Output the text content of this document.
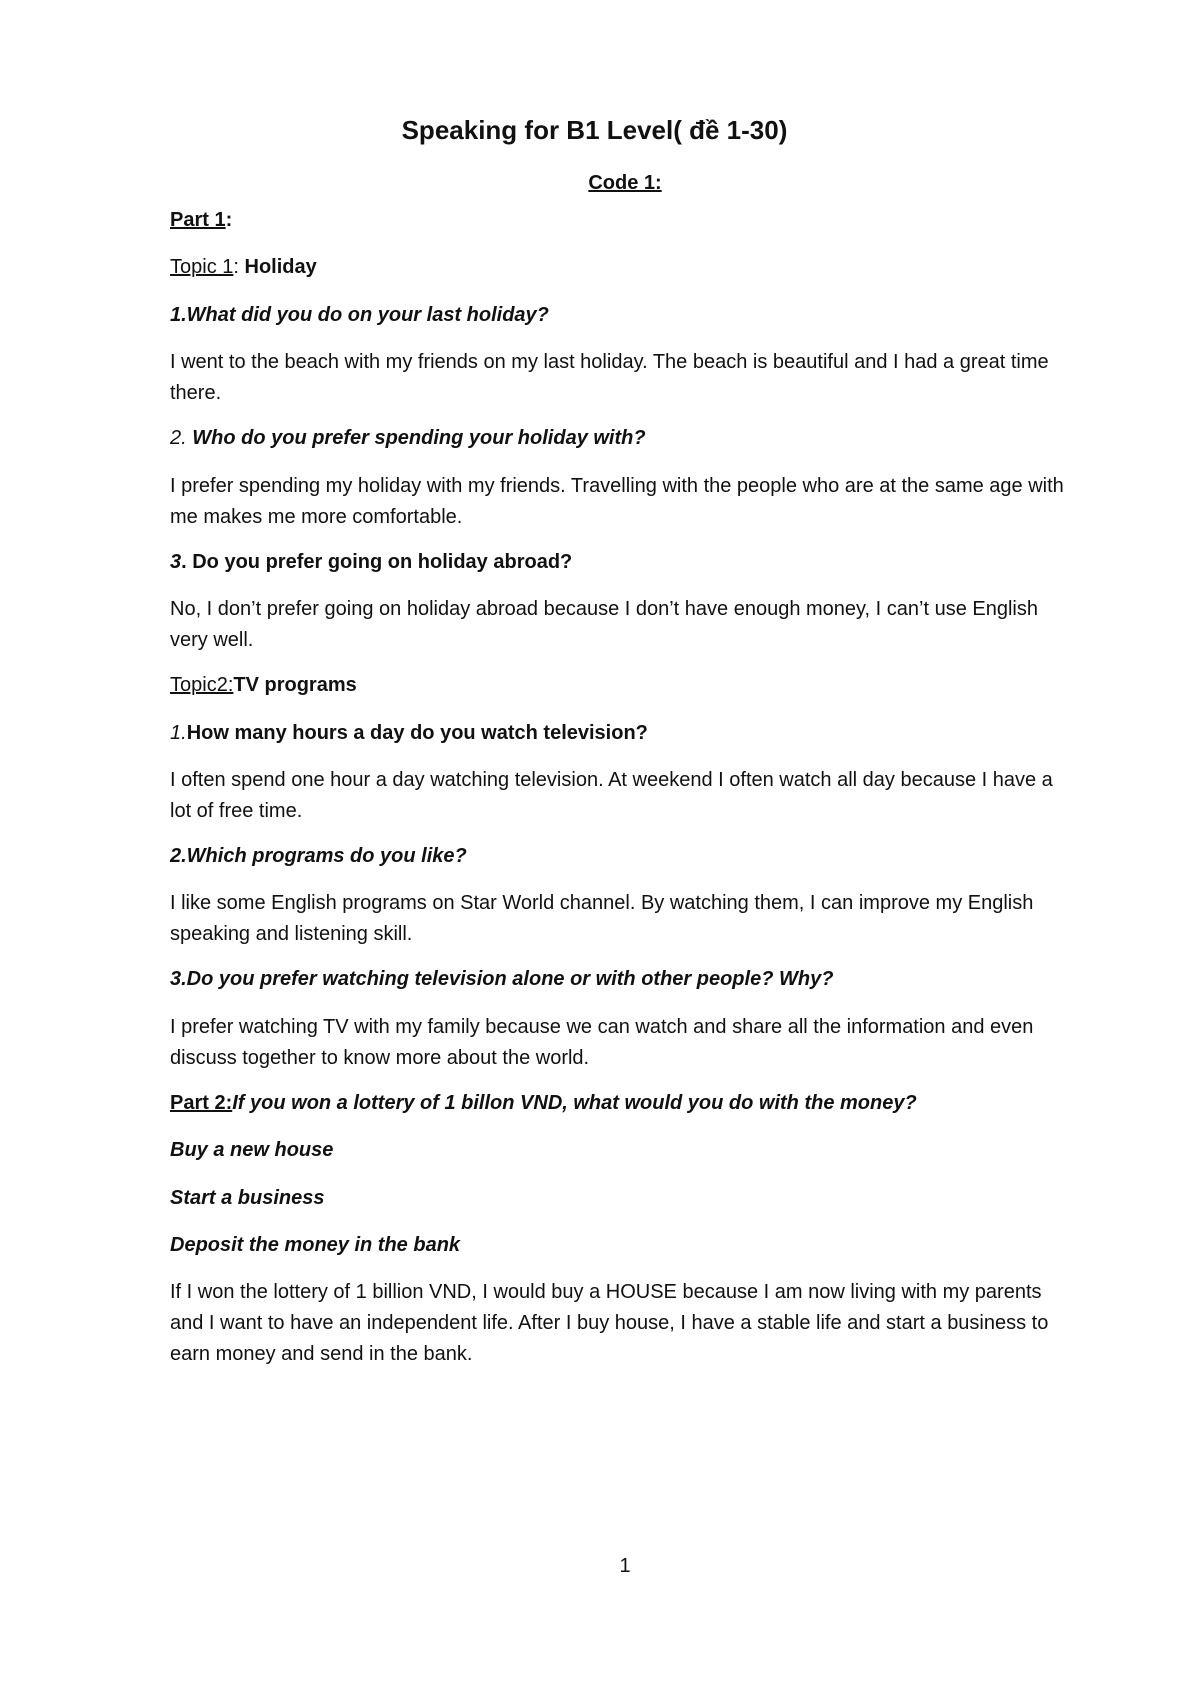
Speaking for B1 Level( đề 1-30)
Code 1:

Part 1:

Topic 1: Holiday

1.What did you do on your last holiday?

I went to the beach with my friends on my last holiday. The beach is beautiful and I had a great time there.

2. Who do you prefer spending your holiday with?

I prefer spending my holiday with my friends. Travelling with the people who are at the same age with me makes me more comfortable.

3. Do you prefer going on holiday abroad?

No, I don’t prefer going on holiday abroad because I don’t have enough money, I can’t use English very well.

Topic2:TV programs

1.How many hours a day do you watch television?

I often spend one hour a day watching television. At weekend I often watch all day because I have a lot of free time.

2.Which programs do you like?

I like some English programs on Star World channel. By watching them, I can improve my English speaking and listening skill.

3.Do you prefer watching television alone or with other people? Why?

I prefer watching TV with my family because we can watch and share all the information and even discuss together to know more about the world.

Part 2:If you won a lottery of 1 billon VND, what would you do with the money?

Buy a new house

Start a business

Deposit the money in the bank

If I won the lottery of 1 billion VND, I would buy a HOUSE because I am now living with my parents and I want to have an independent life. After I buy house, I have a stable life and start a business to earn money and send in the bank.

1
